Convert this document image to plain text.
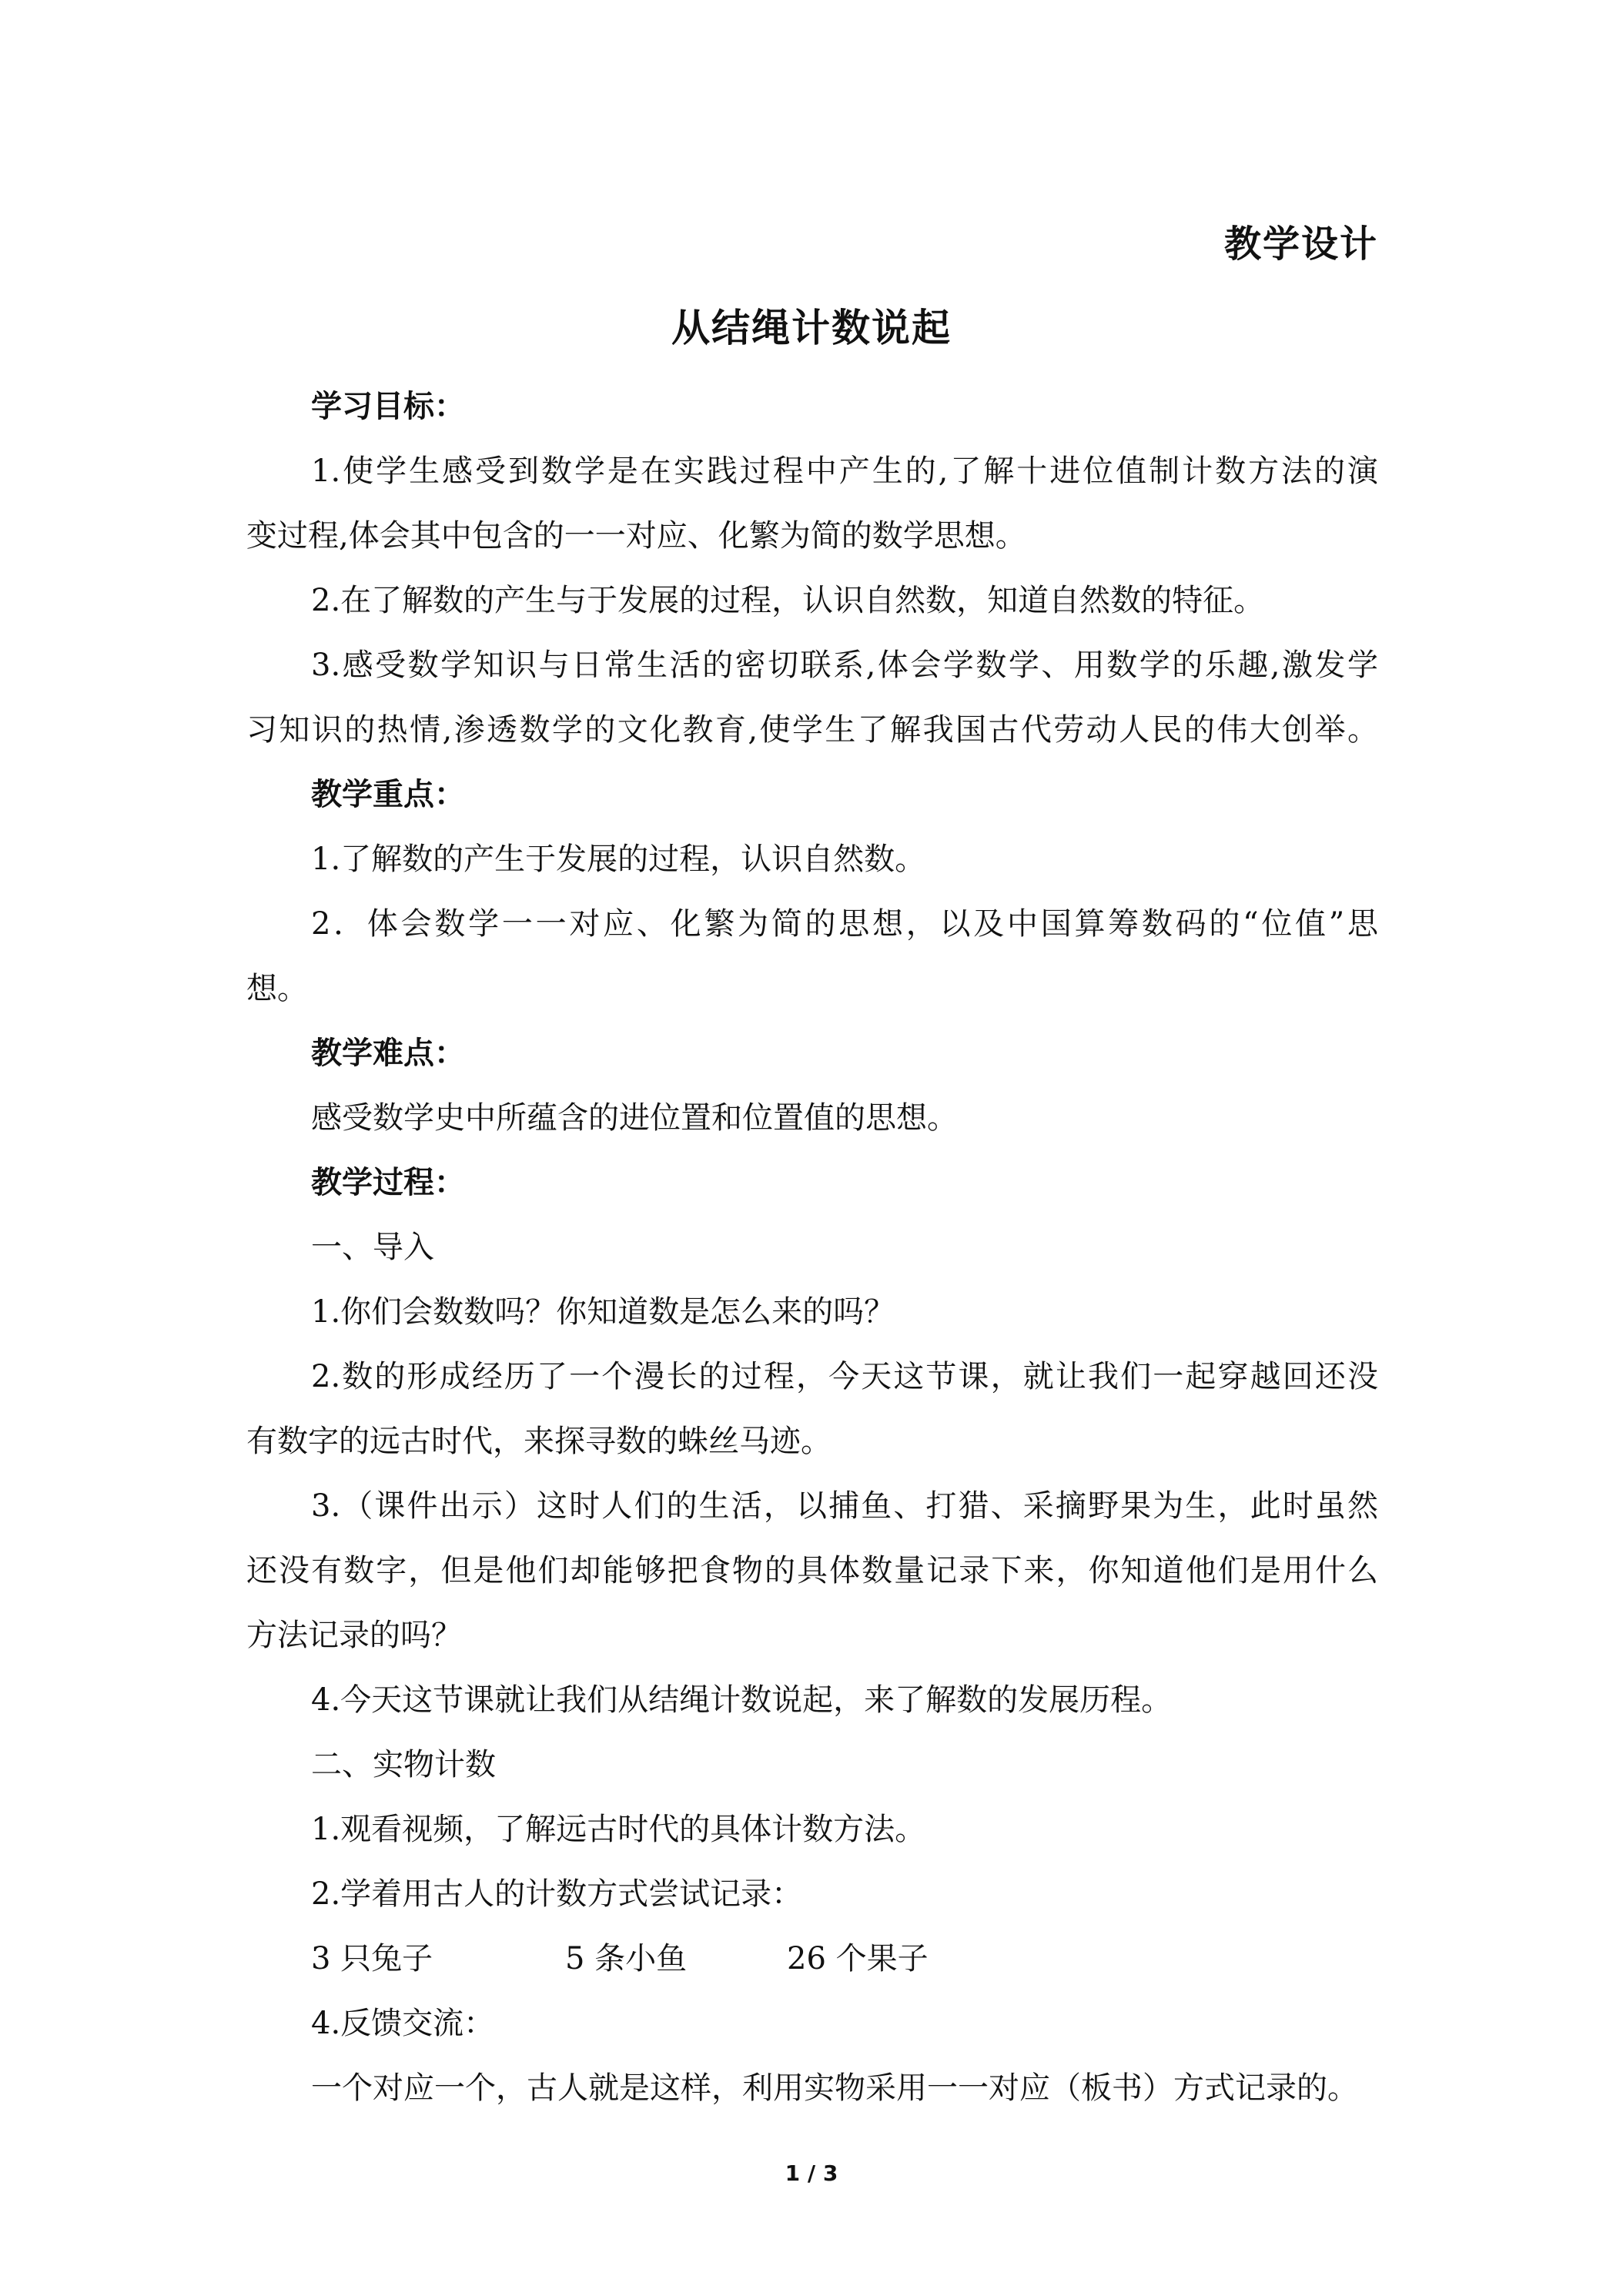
教学设计
从结绳计数说起

学习目标：

1.使学生感受到数学是在实践过程中产生的,了解十进位值制计数方法的演

变过程,体会其中包含的一一对应、化繁为简的数学思想。

2.在了解数的产生与于发展的过程，认识自然数，知道自然数的特征。

3.感受数学知识与日常生活的密切联系,体会学数学、用数学的乐趣,激发学

习知识的热情,渗透数学的文化教育,使学生了解我国古代劳动人民的伟大创举。

教学重点：

1.了解数的产生于发展的过程，认识自然数。

2．体会数学一一对应、化繁为简的思想，以及中国算筹数码的“位值”思

想。

教学难点：

感受数学史中所蕴含的进位置和位置值的思想。

教学过程：

一、导入

1.你们会数数吗？你知道数是怎么来的吗？

2.数的形成经历了一个漫长的过程，今天这节课，就让我们一起穿越回还没

有数字的远古时代，来探寻数的蛛丝马迹。

3.（课件出示）这时人们的生活，以捕鱼、打猎、采摘野果为生，此时虽然

还没有数字，但是他们却能够把食物的具体数量记录下来，你知道他们是用什么

方法记录的吗？

4.今天这节课就让我们从结绳计数说起，来了解数的发展历程。

二、实物计数

1.观看视频，了解远古时代的具体计数方法。

2.学着用古人的计数方式尝试记录：

3 只兔子	5 条小鱼	26 个果子

4.反馈交流：

一个对应一个，古人就是这样，利用实物采用一一对应（板书）方式记录的。

1 / 3
